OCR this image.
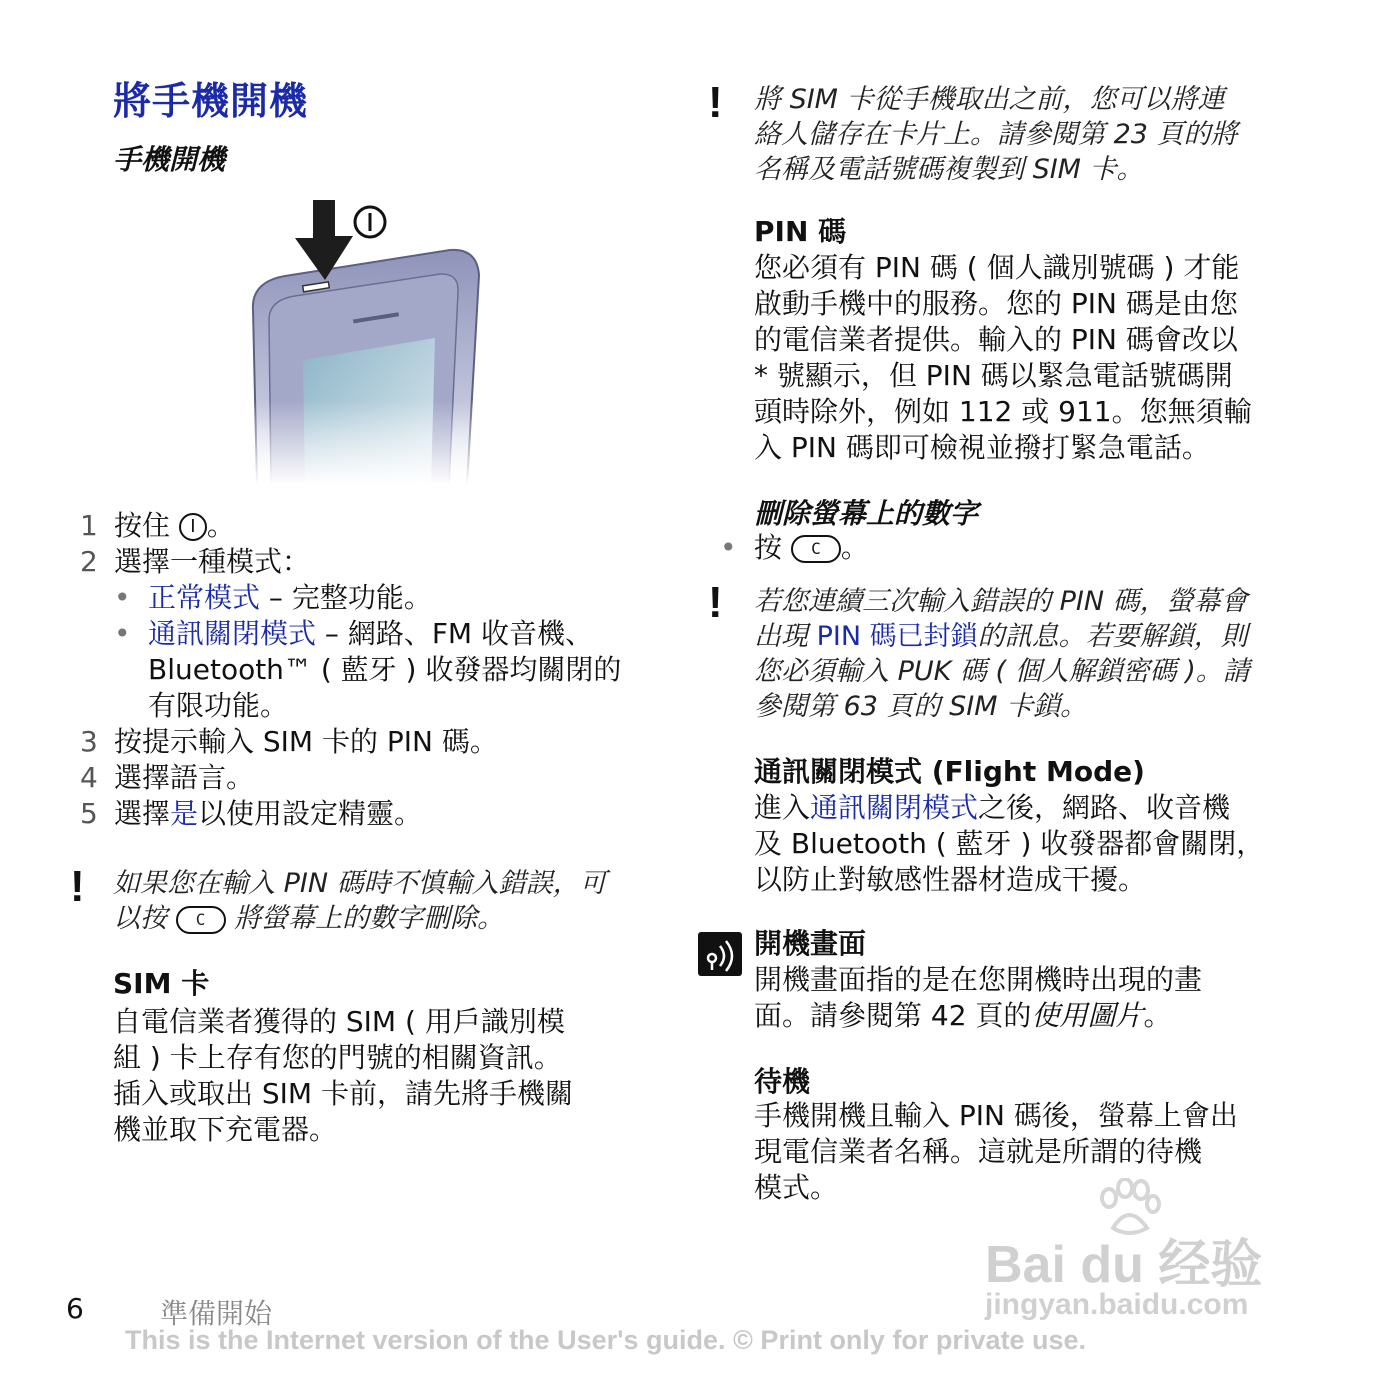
將手機開機
手機開機
1 按住 I 。
2 選擇一種模式：
• 正常模式 – 完整功能。
• 通訊關閉模式 – 網路、FM 收音機、
Bluetooth™ ( 藍牙 ) 收發器均關閉的
有限功能。
3 按提示輸入 SIM 卡的 PIN 碼。
4 選擇語言。
5 選擇是以使用設定精靈。
! 如果您在輸入 PIN 碼時不慎輸入錯誤，可
以按 C 將螢幕上的數字刪除。
SIM 卡
自電信業者獲得的 SIM ( 用戶識別模
組 ) 卡上存有您的門號的相關資訊。
插入或取出 SIM 卡前，請先將手機關
機並取下充電器。
! 將 SIM 卡從手機取出之前，您可以將連
絡人儲存在卡片上。請參閱第 23 頁的將
名稱及電話號碼複製到 SIM 卡。
PIN 碼
您必須有 PIN 碼 ( 個人識別號碼 ) 才能
啟動手機中的服務。您的 PIN 碼是由您
的電信業者提供。輸入的 PIN 碼會改以
* 號顯示，但 PIN 碼以緊急電話號碼開
頭時除外，例如 112 或 911。您無須輸
入 PIN 碼即可檢視並撥打緊急電話。
刪除螢幕上的數字
• 按 C 。
! 若您連續三次輸入錯誤的 PIN 碼，螢幕會
出現 PIN 碼已封鎖的訊息。若要解鎖，則
您必須輸入 PUK 碼 ( 個人解鎖密碼 )。請
參閱第 63 頁的 SIM 卡鎖。
通訊關閉模式 (Flight Mode)
進入通訊關閉模式之後，網路、收音機
及 Bluetooth ( 藍牙 ) 收發器都會關閉，
以防止對敏感性器材造成干擾。
開機畫面
開機畫面指的是在您開機時出現的畫
面。請參閱第 42 頁的使用圖片。
待機
手機開機且輸入 PIN 碼後，螢幕上會出
現電信業者名稱。這就是所謂的待機
模式。
Bai du 经验
jingyan.baidu.com
6	準備開始
This is the Internet version of the User's guide. © Print only for private use.
